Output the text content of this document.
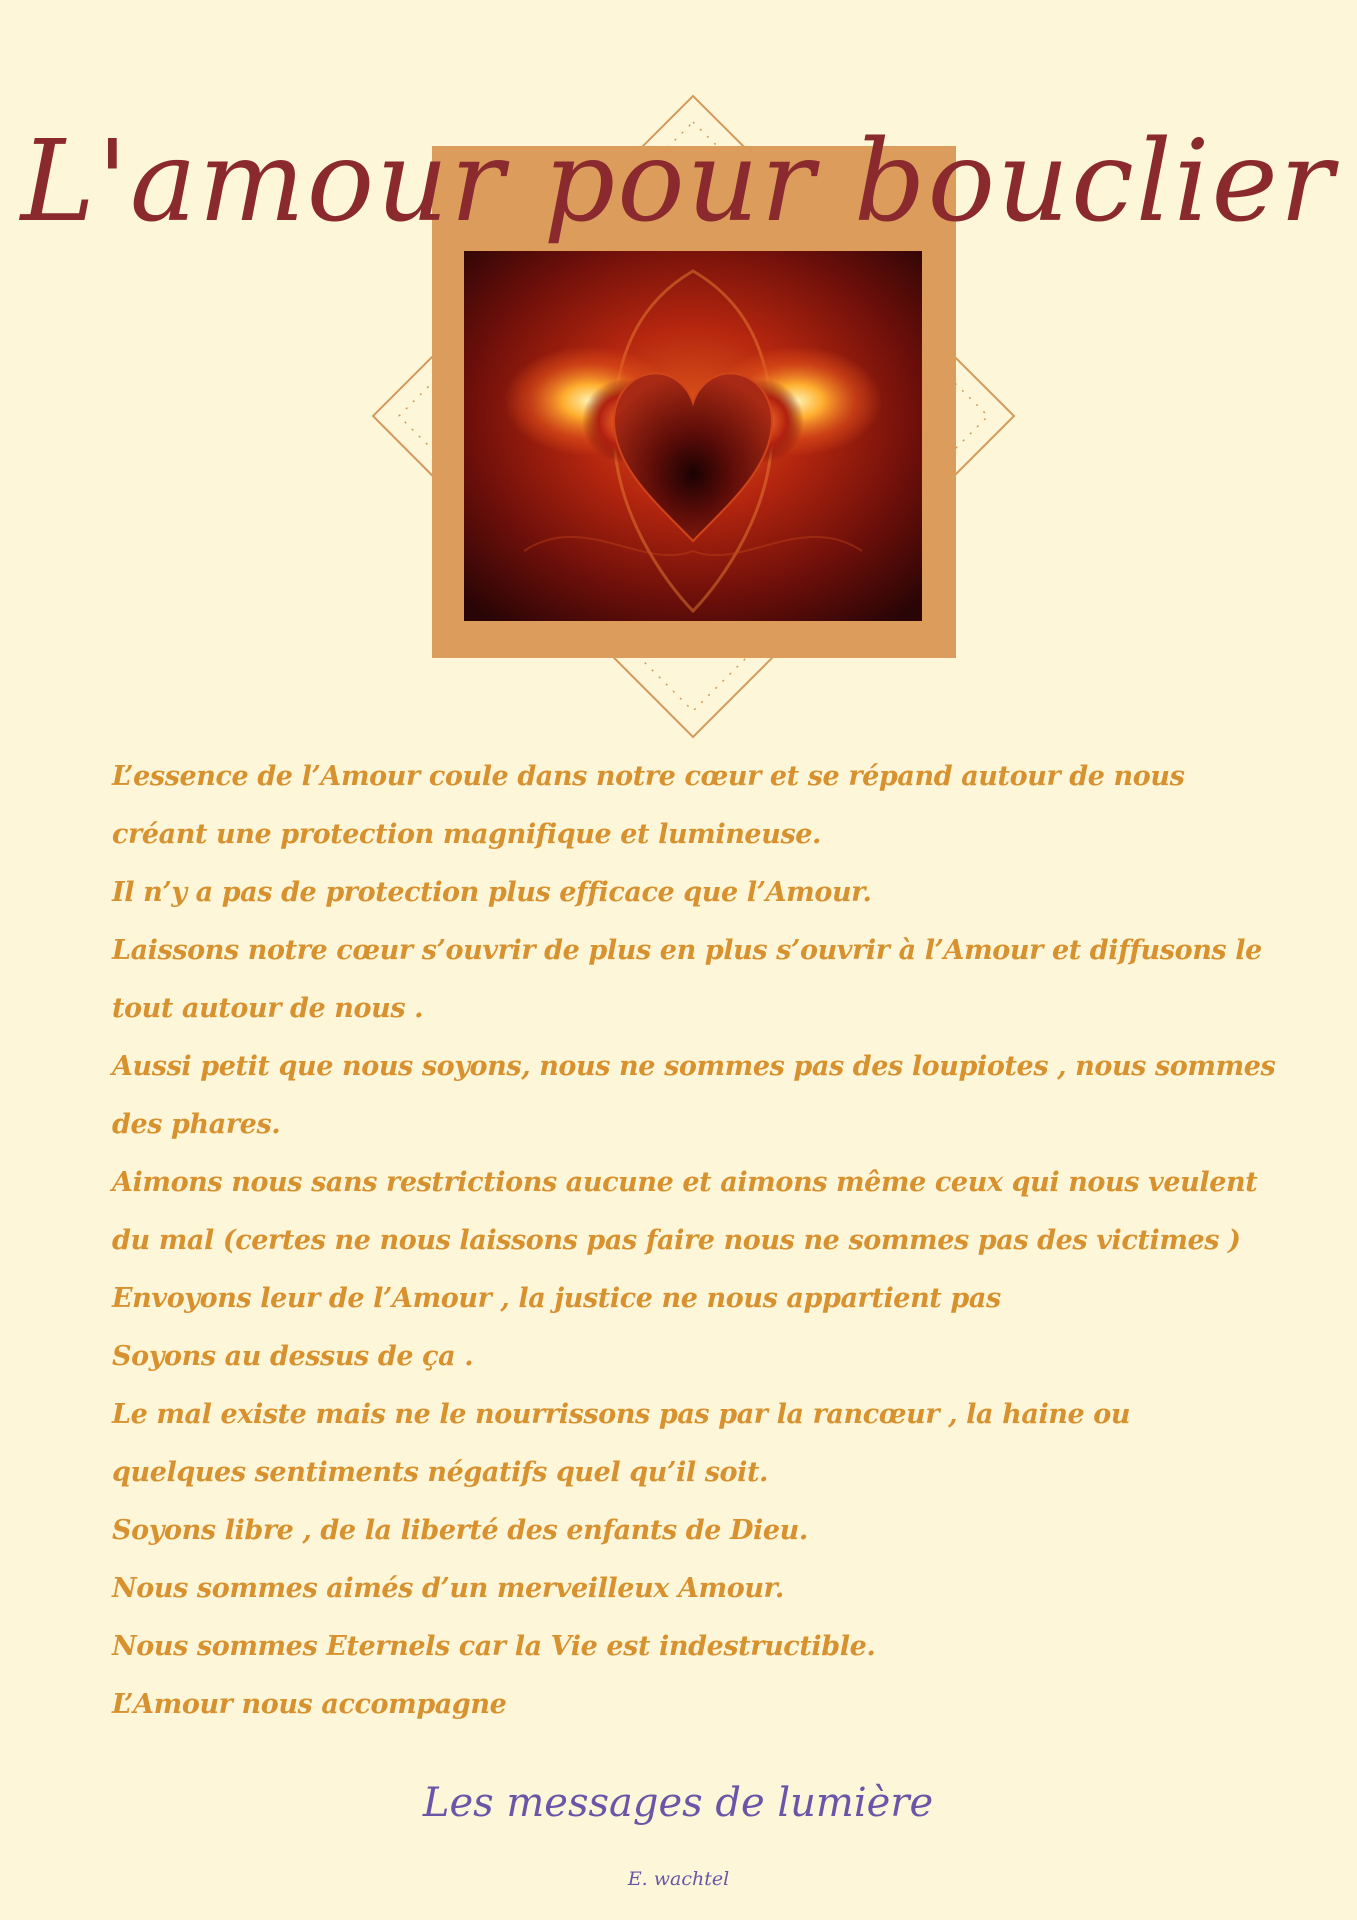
L'amour pour bouclier
L’essence de l’Amour coule dans notre cœur et se répand autour de nous
créant une protection magnifique et lumineuse.
Il n’y a pas de protection plus efficace que l’Amour.
Laissons notre cœur s’ouvrir de plus en plus s’ouvrir à l’Amour et diffusons le
tout autour de nous .
Aussi petit que nous soyons, nous ne sommes pas des loupiotes , nous sommes
des phares.
Aimons nous sans restrictions aucune et aimons même ceux qui nous veulent
du mal (certes ne nous laissons pas faire nous ne sommes pas des victimes )
Envoyons leur de l’Amour , la justice ne nous appartient pas
Soyons au dessus de ça .
Le mal existe mais ne le nourrissons pas par la rancœur , la haine ou
quelques sentiments négatifs quel qu’il soit.
Soyons libre , de la liberté des enfants de Dieu.
Nous sommes aimés d’un merveilleux Amour.
Nous sommes Eternels car la Vie est indestructible.
L’Amour nous accompagne
Les messages de lumière
E. wachtel
